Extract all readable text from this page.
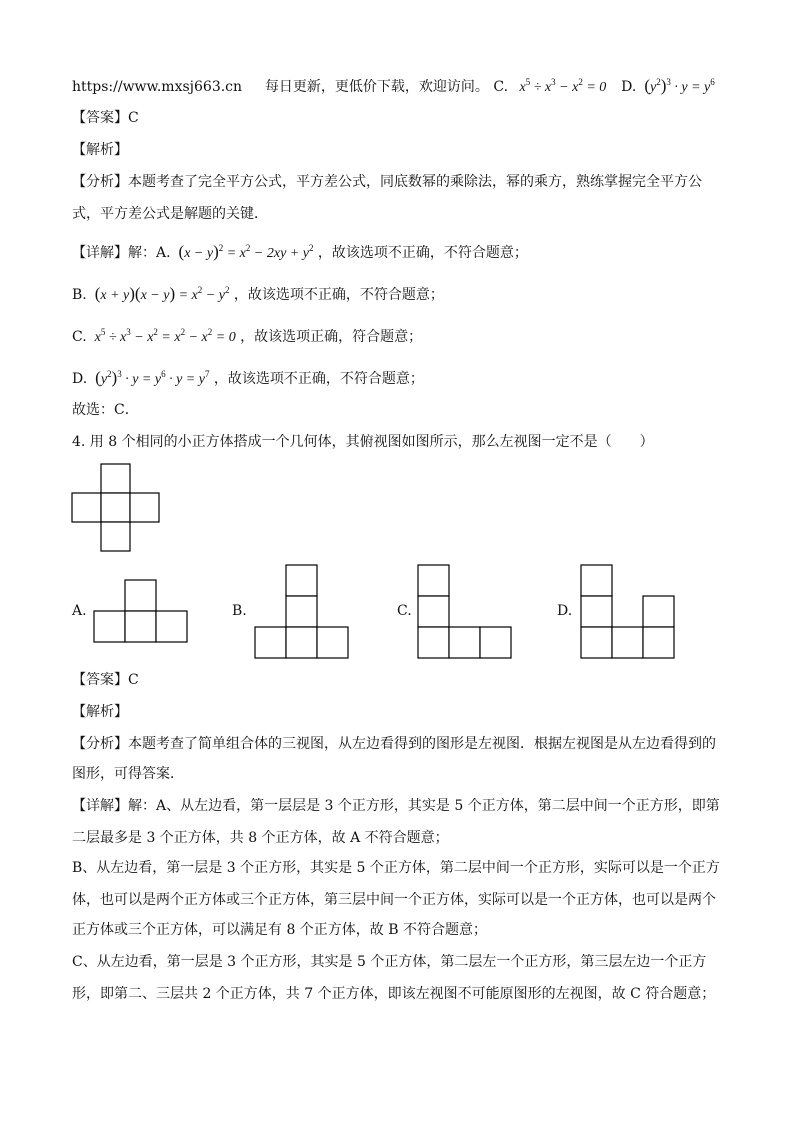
https://www.mxsj663.cn 每日更新，更低价下载，欢迎访问。 C.   $x^5 \div x^3 - x^2 = 0$ D. $(y^2)^3 \cdot y = y^6$
【答案】C
【解析】
【分析】本题考查了完全平方公式，平方差公式，同底数幂的乘除法，幂的乘方，熟练掌握完全平方公
式，平方差公式是解题的关键．
【详解】解：A. $(x - y)^2 = x^2 - 2xy + y^2$ ，故该选项不正确，不符合题意；
B. $(x + y)(x - y) = x^2 - y^2$ ，故该选项不正确，不符合题意；
C.  $x^5 \div x^3 - x^2 = x^2 - x^2 = 0$ ，故该选项正确，符合题意；
D. $(y^2)^3 \cdot y = y^6 \cdot y = y^7$ ，故该选项不正确，不符合题意；
故选：C．
4. 用 8 个相同的小正方体搭成一个几何体，其俯视图如图所示，那么左视图一定不是（　　）
A.	B.	C.	D.
【答案】C
【解析】
【分析】本题考查了简单组合体的三视图，从左边看得到的图形是左视图．根据左视图是从左边看得到的
图形，可得答案．
【详解】解：A、从左边看，第一层层是 3 个正方形，其实是 5 个正方体，第二层中间一个正方形，即第
二层最多是 3 个正方体，共 8 个正方体，故 A 不符合题意；
B、从左边看，第一层是 3 个正方形，其实是 5 个正方体，第二层中间一个正方形，实际可以是一个正方
体，也可以是两个正方体或三个正方体，第三层中间一个正方体，实际可以是一个正方体，也可以是两个
正方体或三个正方体，可以满足有 8 个正方体，故 B 不符合题意；
C、从左边看，第一层是 3 个正方形，其实是 5 个正方体，第二层左一个正方形，第三层左边一个正方
形，即第二、三层共 2 个正方体，共 7 个正方体，即该左视图不可能原图形的左视图，故 C 符合题意；
